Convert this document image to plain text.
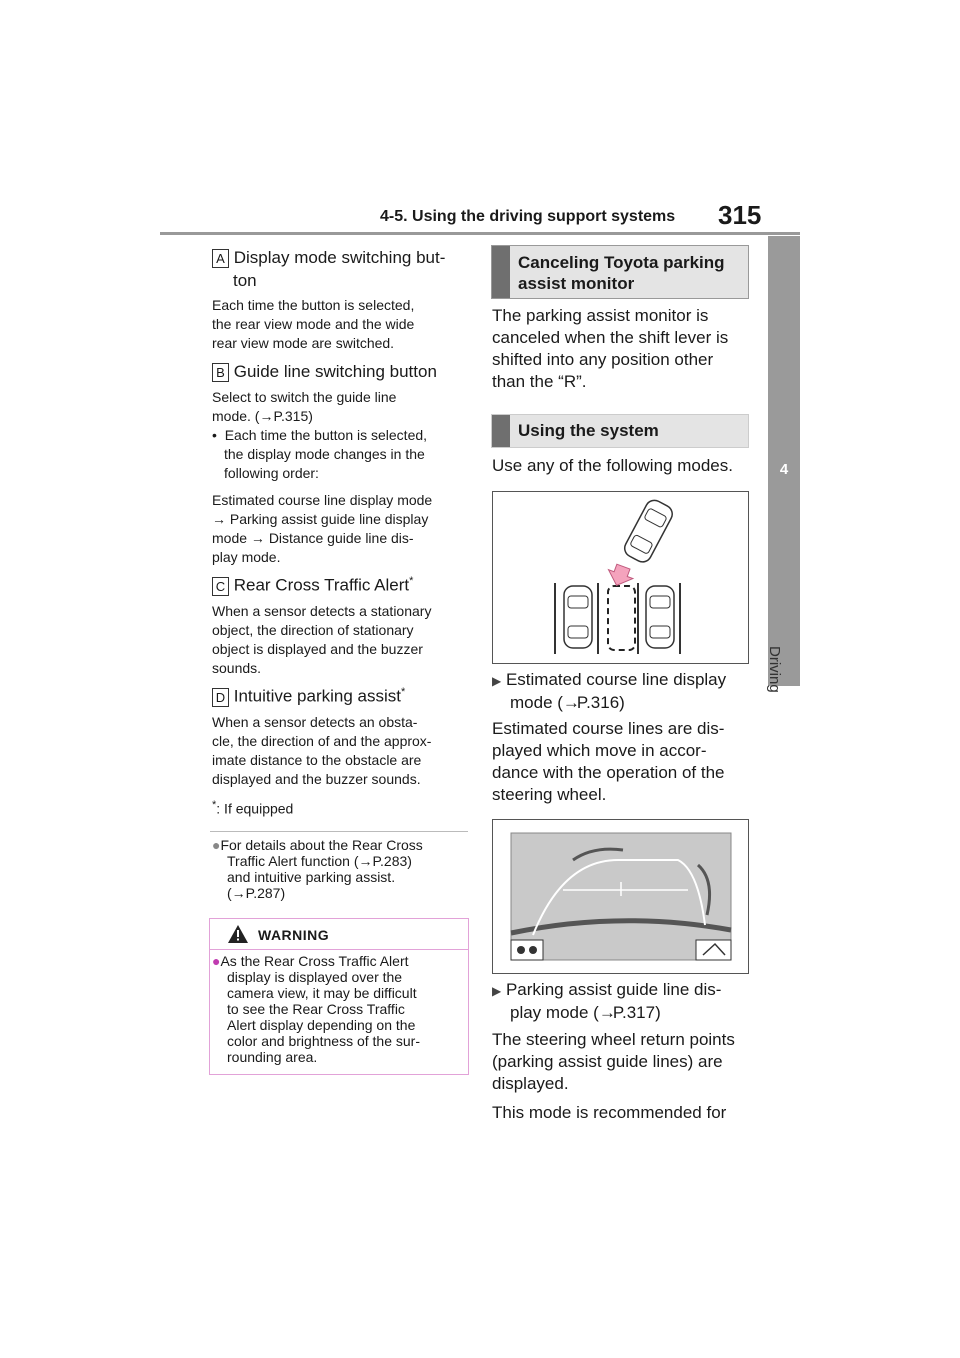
4-5. Using the driving support systems 315
4
Driving
A Display mode switching but-
ton
Each time the button is selected,
the rear view mode and the wide
rear view mode are switched.
B Guide line switching button
Select to switch the guide line
mode. (→P.315)
•  Each time the button is selected,
the display mode changes in the
following order:
Estimated course line display mode
→ Parking assist guide line display
mode → Distance guide line dis-
play mode.
C Rear Cross Traffic Alert*
When a sensor detects a stationary
object, the direction of stationary
object is displayed and the buzzer
sounds.
D Intuitive parking assist*
When a sensor detects an obsta-
cle, the direction of and the approx-
imate distance to the obstacle are
displayed and the buzzer sounds.
*: If equipped
●For details about the Rear Cross
Traffic Alert function (→P.283)
and intuitive parking assist.
(→P.287)
WARNING
●As the Rear Cross Traffic Alert
display is displayed over the
camera view, it may be difficult
to see the Rear Cross Traffic
Alert display depending on the
color and brightness of the sur-
rounding area.
Canceling Toyota parking
assist monitor
The parking assist monitor is
canceled when the shift lever is
shifted into any position other
than the “R”.
Using the system
Use any of the following modes.
▶ Estimated course line display
mode (→P.316)
Estimated course lines are dis-
played which move in accor-
dance with the operation of the
steering wheel.
▶ Parking assist guide line dis-
play mode (→P.317)
The steering wheel return points
(parking assist guide lines) are
displayed.
This mode is recommended for
